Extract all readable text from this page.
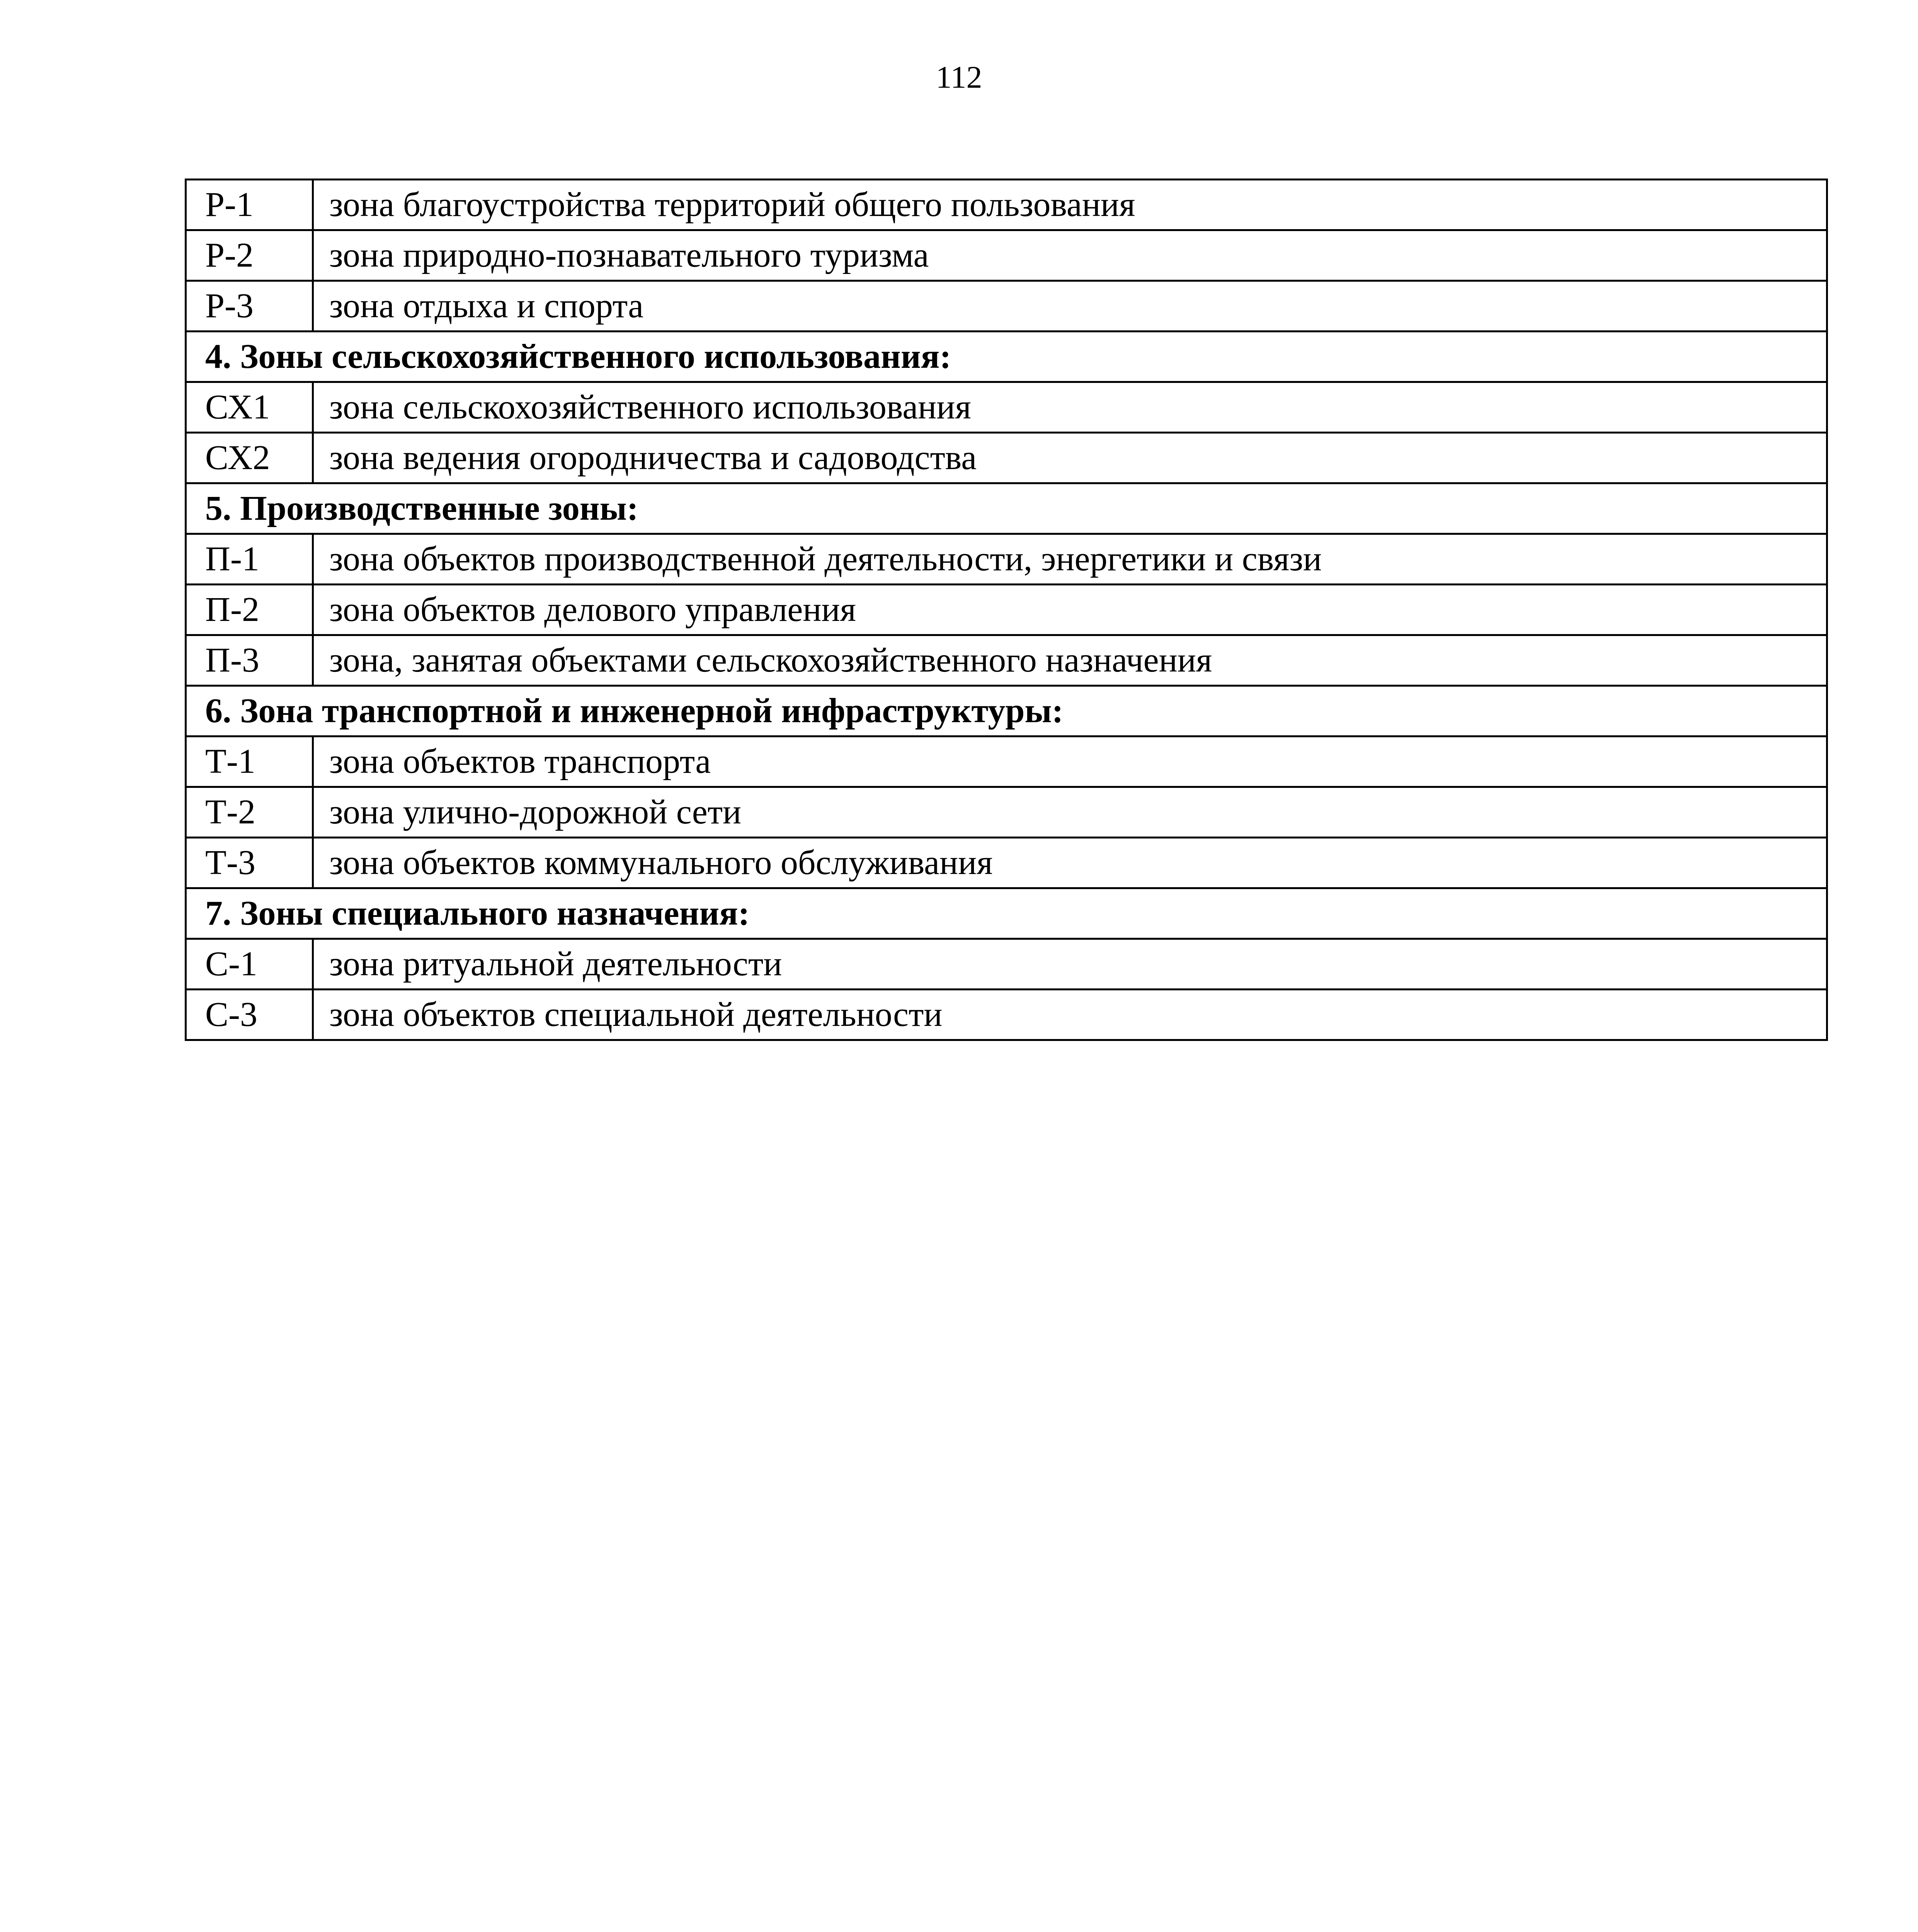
112
Р-1	зона благоустройства территорий общего пользования
Р-2	зона природно-познавательного туризма
Р-3	зона отдыха и спорта
4. Зоны сельскохозяйственного использования:	
СХ1	зона сельскохозяйственного использования
СХ2	зона ведения огородничества и садоводства
5. Производственные зоны:	
П-1	зона объектов производственной деятельности, энергетики и связи
П-2	зона объектов делового управления
П-3	зона, занятая объектами сельскохозяйственного назначения
6. Зона транспортной и инженерной инфраструктуры:	
Т-1	зона объектов транспорта
Т-2	зона улично-дорожной сети
Т-3	зона объектов коммунального обслуживания
7. Зоны специального назначения:	
С-1	зона ритуальной деятельности
С-3	зона объектов специальной деятельности
